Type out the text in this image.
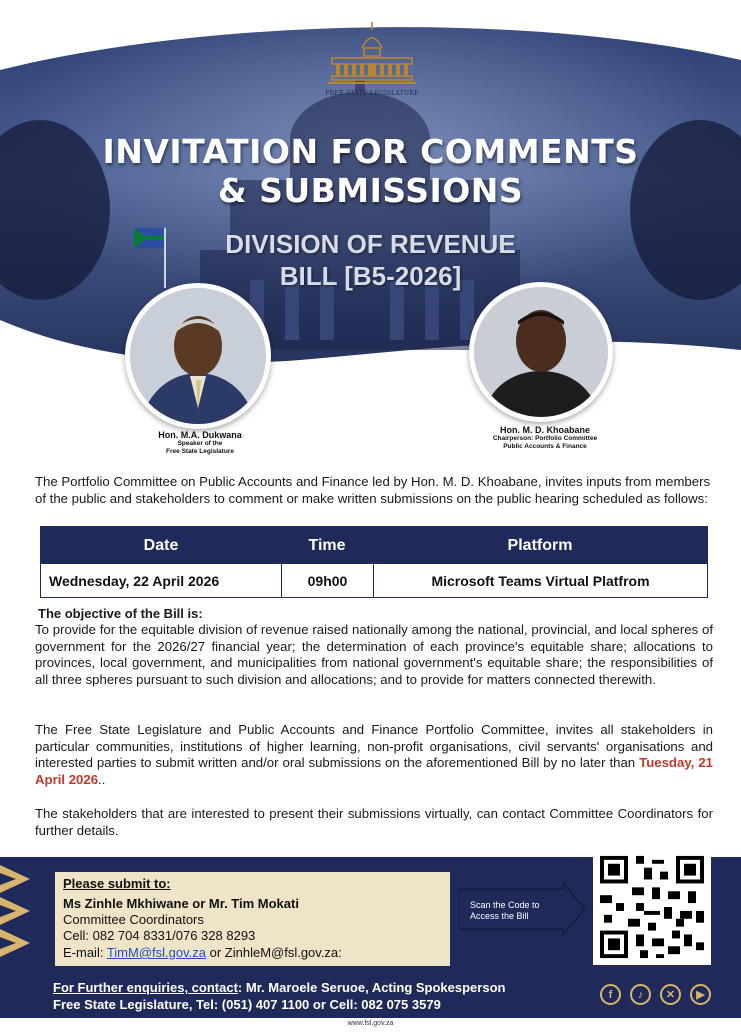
FREE STATE LEGISLATURE
INVITATION FOR COMMENTS
& SUBMISSIONS
DIVISION OF REVENUE
BILL [B5-2026]
Hon. M.A. Dukwana
Speaker of the
Free State Legislature
Hon. M. D. Khoabane
Chairperson: Portfolio Committee
Public Accounts & Finance

The Portfolio Committee on Public Accounts and Finance led by Hon. M. D. Khoabane, invites inputs from members of the public and stakeholders to comment or make written submissions on the public hearing scheduled as follows:

Date	Time	Platform
Wednesday, 22 April 2026	09h00	Microsoft Teams Virtual Platfrom
The objective of the Bill is:

To provide for the equitable division of revenue raised nationally among the national, provincial, and local spheres of government for the 2026/27 financial year; the determination of each province's equitable share; allocations to provinces, local government, and municipalities from national government's equitable share; the responsibilities of all three spheres pursuant to such division and allocations; and to provide for matters connected therewith.

The Free State Legislature and Public Accounts and Finance Portfolio Committee, invites all stakeholders in particular communities, institutions of higher learning, non-profit organisations, civil servants' organisations and interested parties to submit written and/or oral submissions on the aforementioned Bill by no later than Tuesday, 21 April 2026..

The stakeholders that are interested to present their submissions virtually, can contact Committee Coordinators for further details.

Please submit to:
Ms Zinhle Mkhiwane or Mr. Tim Mokati
Committee Coordinators
Cell: 082 704 8331/076 328 8293
E-mail: TimM@fsl.gov.za or ZinhleM@fsl.gov.za:
Scan the Code to
Access the Bill
For Further enquiries, contact: Mr. Maroele Seruoe, Acting Spokesperson
Free State Legislature, Tel: (051) 407 1100 or Cell: 082 075 3579
f	♪	✕	▶
www.fsl.gov.za
